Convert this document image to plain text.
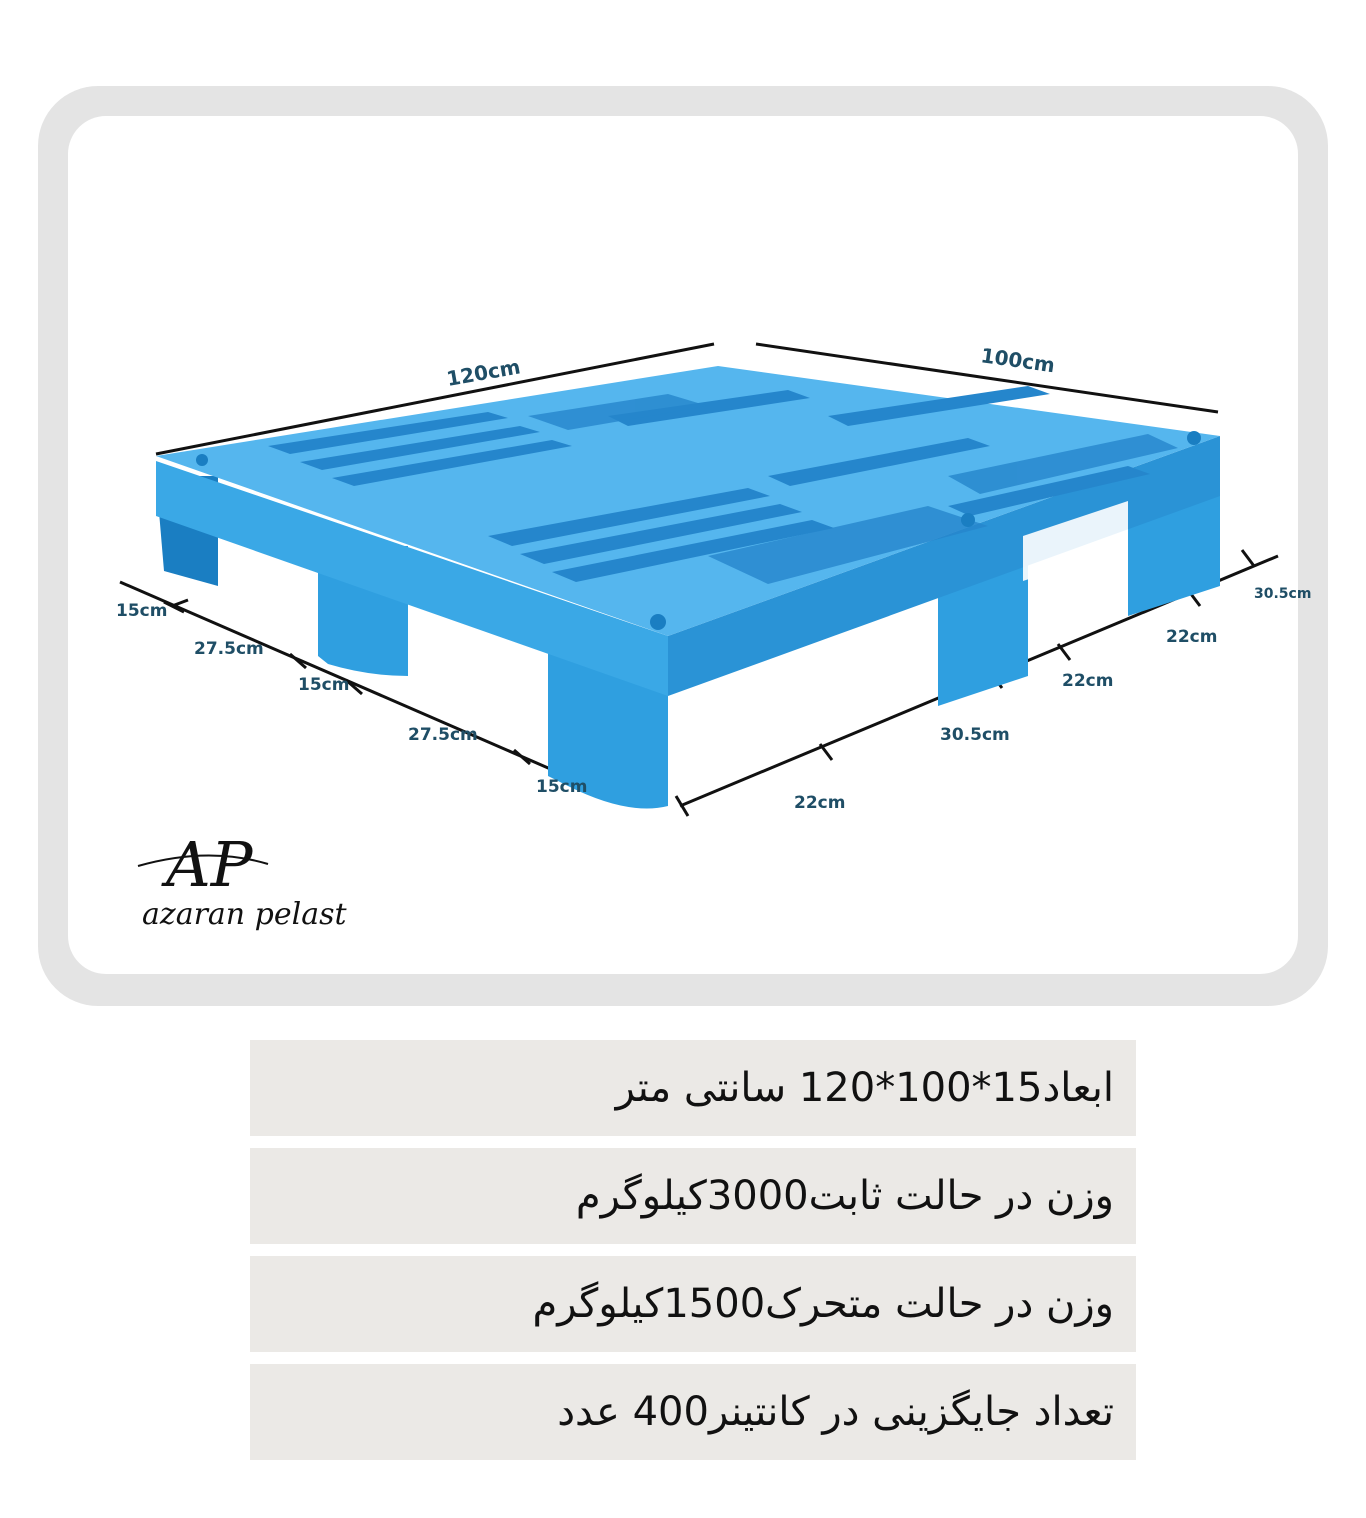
120cm	100cm
15cm
27.5cm
15cm
27.5cm
15cm
22cm
30.5cm
22cm
22cm
30.5cm
AP
azaran pelast
ابعاد15*100*120 سانتی متر
وزن در حالت ثابت3000کیلوگرم
وزن در حالت متحرک1500کیلوگرم
تعداد جایگزینی در کانتینر400 عدد
